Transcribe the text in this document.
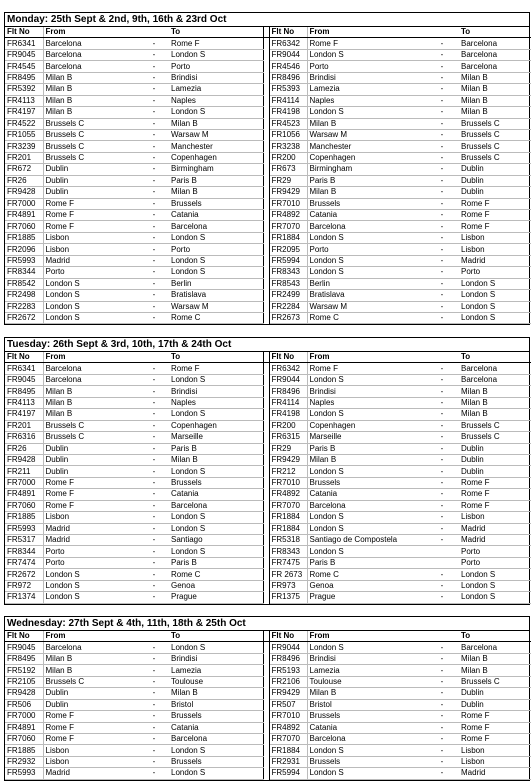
Monday: 25th Sept & 2nd, 9th, 16th & 23rd Oct
Flt No	From		To		Flt No	From		To
FR6341	Barcelona	-	Rome F		FR6342	Rome F	-	Barcelona
FR9045	Barcelona	-	London S		FR9044	London S	-	Barcelona
FR4545	Barcelona	-	Porto		FR4546	Porto	-	Barcelona
FR8495	Milan B	-	Brindisi		FR8496	Brindisi	-	Milan B
FR5392	Milan B	-	Lamezia		FR5393	Lamezia	-	Milan B
FR4113	Milan B	-	Naples		FR4114	Naples	-	Milan B
FR4197	Milan B	-	London S		FR4198	London S	-	Milan B
FR4522	Brussels C	-	Milan B		FR4523	Milan B	-	Brussels C
FR1055	Brussels C	-	Warsaw M		FR1056	Warsaw M	-	Brussels C
FR3239	Brussels C	-	Manchester		FR3238	Manchester	-	Brussels C
FR201	Brussels C	-	Copenhagen		FR200	Copenhagen	-	Brussels C
FR672	Dublin	-	Birmingham		FR673	Birmingham	-	Dublin
FR26	Dublin	-	Paris B		FR29	Paris B	-	Dublin
FR9428	Dublin	-	Milan B		FR9429	Milan B	-	Dublin
FR7000	Rome F	-	Brussels		FR7010	Brussels	-	Rome F
FR4891	Rome F	-	Catania		FR4892	Catania	-	Rome F
FR7060	Rome F	-	Barcelona		FR7070	Barcelona	-	Rome F
FR1885	Lisbon	-	London S		FR1884	London S	-	Lisbon
FR2096	Lisbon	-	Porto		FR2095	Porto	-	Lisbon
FR5993	Madrid	-	London S		FR5994	London S	-	Madrid
FR8344	Porto	-	London S		FR8343	London S	-	Porto
FR8542	London S	-	Berlin		FR8543	Berlin	-	London S
FR2498	London S	-	Bratislava		FR2499	Bratislava	-	London S
FR2283	London S	-	Warsaw M		FR2284	Warsaw M	-	London S
FR2672	London S	-	Rome C		FR2673	Rome C	-	London S
Tuesday: 26th Sept & 3rd, 10th, 17th & 24th Oct
Flt No	From		To		Flt No	From		To
FR6341	Barcelona	-	Rome F		FR6342	Rome F	-	Barcelona
FR9045	Barcelona	-	London S		FR9044	London S	-	Barcelona
FR8495	Milan B	-	Brindisi		FR8496	Brindisi	-	Milan B
FR4113	Milan B	-	Naples		FR4114	Naples	-	Milan B
FR4197	Milan B	-	London S		FR4198	London S	-	Milan B
FR201	Brussels C	-	Copenhagen		FR200	Copenhagen	-	Brussels C
FR6316	Brussels C	-	Marseille		FR6315	Marseille	-	Brussels C
FR26	Dublin	-	Paris B		FR29	Paris B	-	Dublin
FR9428	Dublin	-	Milan B		FR9429	Milan B	-	Dublin
FR211	Dublin	-	London S		FR212	London S	-	Dublin
FR7000	Rome F	-	Brussels		FR7010	Brussels	-	Rome F
FR4891	Rome F	-	Catania		FR4892	Catania	-	Rome F
FR7060	Rome F	-	Barcelona		FR7070	Barcelona	-	Rome F
FR1885	Lisbon	-	London S		FR1884	London S	-	Lisbon
FR5993	Madrid	-	London S		FR1884	London S	-	Madrid
FR5317	Madrid	-	Santiago		FR5318	Santiago de Compostela	-	Madrid
FR8344	Porto	-	London S		FR8343	London S		Porto
FR7474	Porto	-	Paris B		FR7475	Paris B		Porto
FR2672	London S	-	Rome C		FR 2673	Rome C	-	London S
FR972	London S	-	Genoa		FR973	Genoa	-	London S
FR1374	London S	-	Prague		FR1375	Prague	-	London S
Wednesday: 27th Sept & 4th, 11th, 18th & 25th Oct
Flt No	From		To		Flt No	From		To
FR9045	Barcelona	-	London S		FR9044	London S	-	Barcelona
FR8495	Milan B	-	Brindisi		FR8496	Brindisi	-	Milan B
FR5192	Milan B	-	Lamezia		FR5193	Lamezia	-	Milan B
FR2105	Brussels C	-	Toulouse		FR2106	Toulouse	-	Brussels C
FR9428	Dublin	-	Milan B		FR9429	Milan B	-	Dublin
FR506	Dublin	-	Bristol		FR507	Bristol	-	Dublin
FR7000	Rome F	-	Brussels		FR7010	Brussels	-	Rome F
FR4891	Rome F	-	Catania		FR4892	Catania	-	Rome F
FR7060	Rome F	-	Barcelona		FR7070	Barcelona	-	Rome F
FR1885	Lisbon	-	London S		FR1884	London S	-	Lisbon
FR2932	Lisbon	-	Brussels		FR2931	Brussels	-	Lisbon
FR5993	Madrid	-	London S		FR5994	London S	-	Madrid
